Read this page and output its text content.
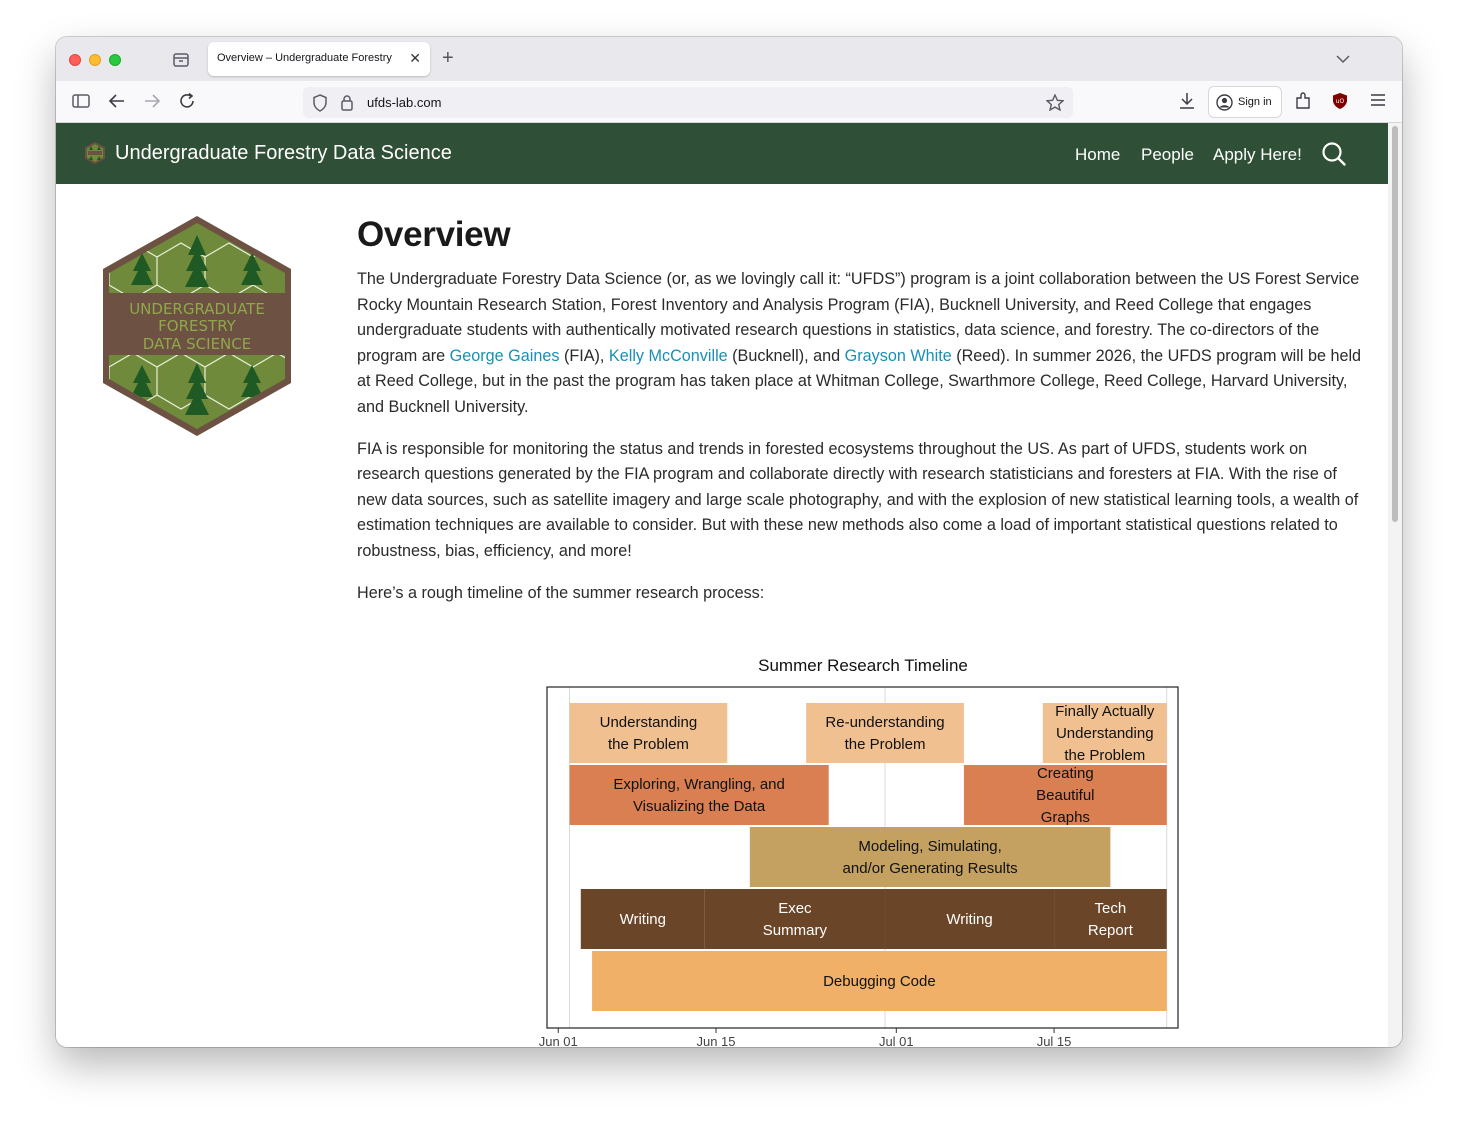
Overview – Undergraduate Forestry	✕ +
ufds-lab.com	Sign in	uO
Undergraduate Forestry Data Science	Home People Apply Here!
UNDERGRADUATE
FORESTRY
DATA SCIENCE
Overview

The Undergraduate Forestry Data Science (or, as we lovingly call it: “UFDS”) program is a joint collaboration between the US Forest Service Rocky Mountain Research Station, Forest Inventory and Analysis Program (FIA), Bucknell University, and Reed College that engages undergraduate students with authentically motivated research questions in statistics, data science, and forestry. The co-directors of the program are George Gaines (FIA), Kelly McConville (Bucknell), and Grayson White (Reed). In summer 2026, the UFDS program will be held at Reed College, but in the past the program has taken place at Whitman College, Swarthmore College, Reed College, Harvard University, and Bucknell University.

FIA is responsible for monitoring the status and trends in forested ecosystems throughout the US. As part of UFDS, students work on research questions generated by the FIA program and collaborate directly with research statisticians and foresters at FIA. With the rise of new data sources, such as satellite imagery and large scale photography, and with the explosion of new statistical learning tools, a wealth of estimation techniques are available to consider. But with these new methods also come a load of important statistical questions related to robustness, bias, efficiency, and more!

Here’s a rough timeline of the summer research process:

Summer Research Timeline
Understanding
the Problem
Re-understanding
the Problem
Finally Actually
Understanding
the Problem
Exploring, Wrangling, and
Visualizing the Data
Creating
Beautiful
Graphs
Modeling, Simulating,
and/or Generating Results
Writing
Exec
Summary
Writing
Tech
Report
Debugging Code
Jun 01	Jun 15	Jul 01	Jul 15
